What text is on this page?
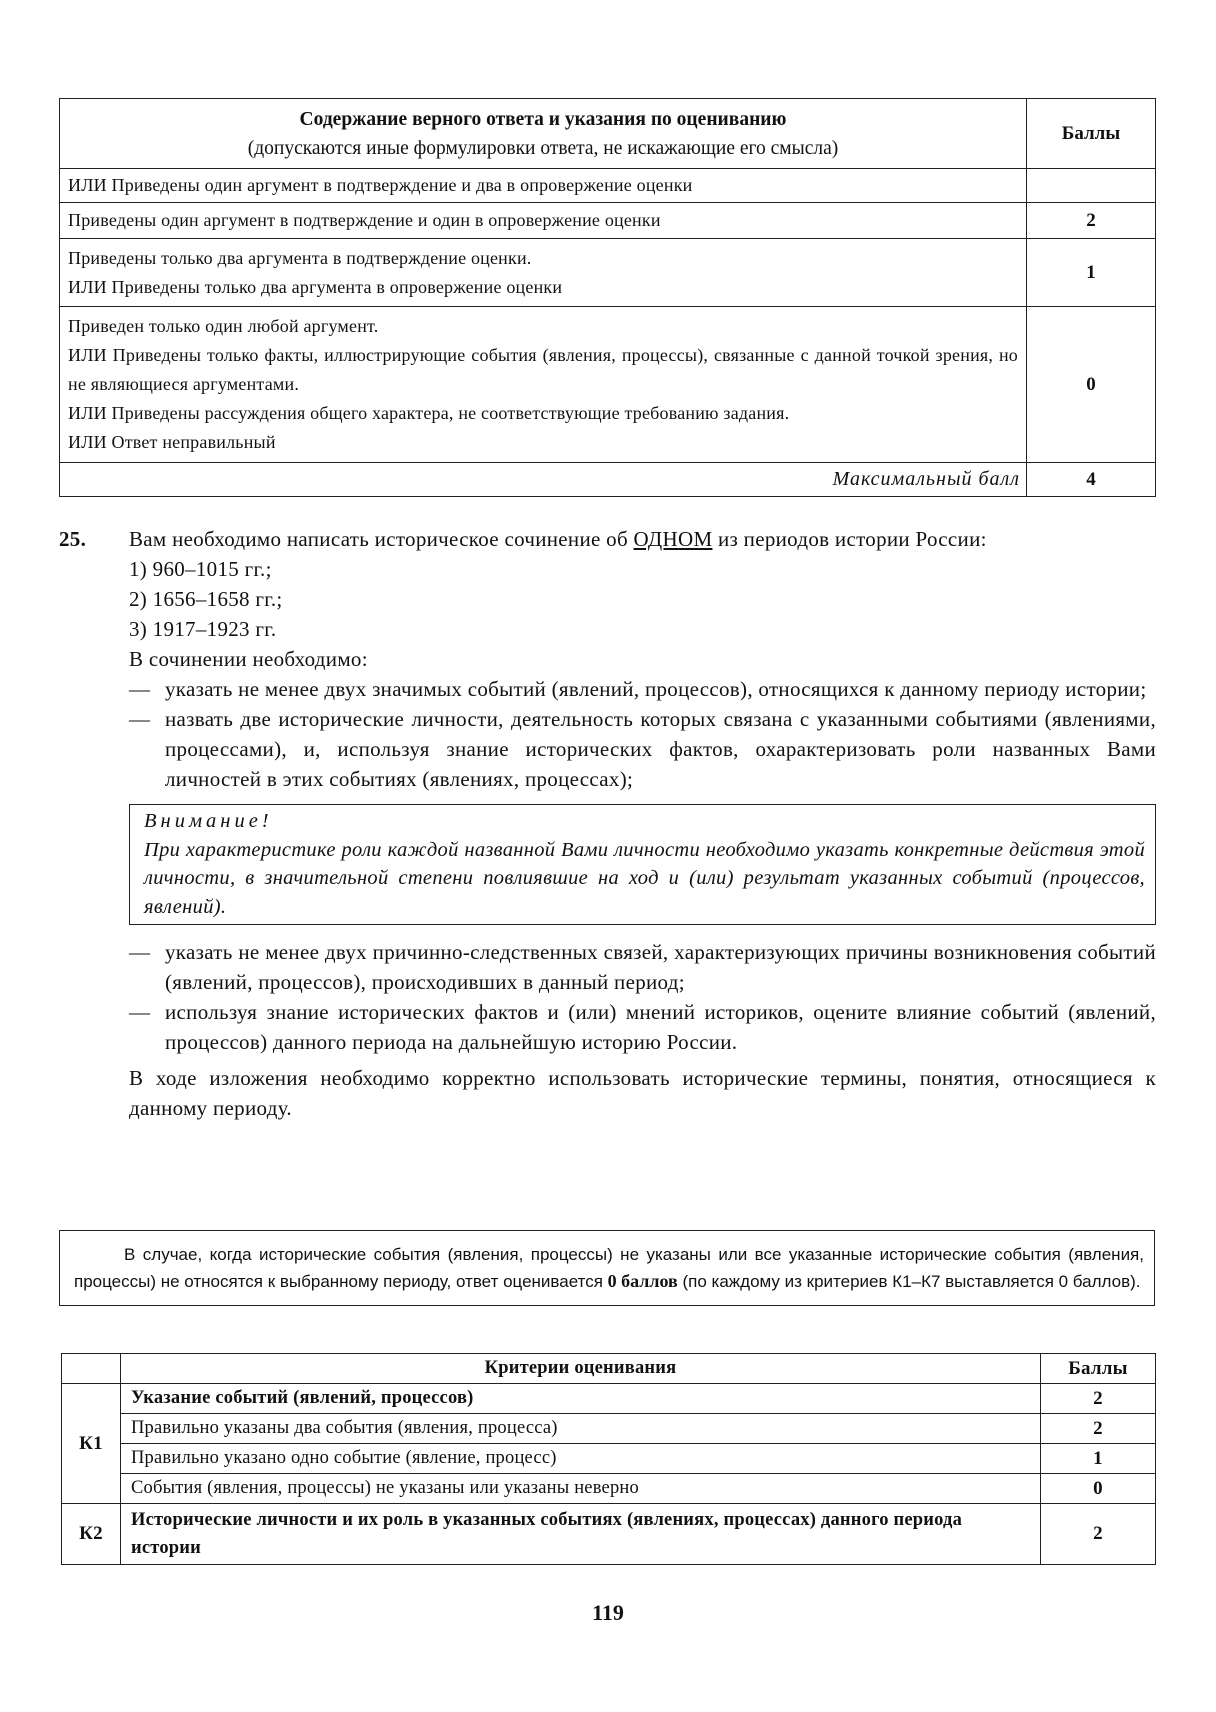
Содержание верного ответа и указания по оцениванию
(допускаются иные формулировки ответа, не искажающие его смысла)	Баллы
ИЛИ Приведены один аргумент в подтверждение и два в опровержение оценки	
Приведены один аргумент в подтверждение и один в опровержение оценки	2

Приведены только два аргумента в подтверждение оценки.
ИЛИ Приведены только два аргумента в опровержение оценки	1

Приведен только один любой аргумент.
ИЛИ Приведены только факты, иллюстрирующие события (явления, процессы), связанные с данной точкой зрения, но не являющиеся аргументами.
ИЛИ Приведены рассуждения общего характера, не соответствующие требованию задания.
ИЛИ Ответ неправильный	0
Максимальный балл	4
25. Вам необходимо написать историческое сочинение об ОДНОМ из периодов истории России:

1) 960–1015 гг.;

2) 1656–1658 гг.;

3) 1917–1923 гг.

В сочинении необходимо:

— указать не менее двух значимых событий (явлений, процессов), относящихся к данному периоду истории;

— назвать две исторические личности, деятельность которых связана с указанными событиями (явлениями, процессами), и, используя знание исторических фактов, охарактеризовать роли названных Вами личностей в этих событиях (явлениях, процессах);

Внимание!
При характеристике роли каждой названной Вами личности необходимо указать конкретные действия этой личности, в значительной степени повлиявшие на ход и (или) результат указанных событий (процессов, явлений).

— указать не менее двух причинно-следственных связей, характеризующих причины возникновения событий (явлений, процессов), происходивших в данный период;

— используя знание исторических фактов и (или) мнений историков, оцените влияние событий (явлений, процессов) данного периода на дальнейшую историю России.

В ходе изложения необходимо корректно использовать исторические термины, понятия, относящиеся к данному периоду.

В случае, когда исторические события (явления, процессы) не указаны или все указанные исторические события (явления, процессы) не относятся к выбранному периоду, ответ оценивается 0 баллов (по каждому из критериев К1–К7 выставляется 0 баллов).
	Критерии оценивания	Баллы
К1	Указание событий (явлений, процессов)	2
	Правильно указаны два события (явления, процесса)	2
	Правильно указано одно событие (явление, процесс)	1
	События (явления, процессы) не указаны или указаны неверно	0
К2	Исторические личности и их роль в указанных событиях (явлениях, процессах) данного периода истории	2
119
